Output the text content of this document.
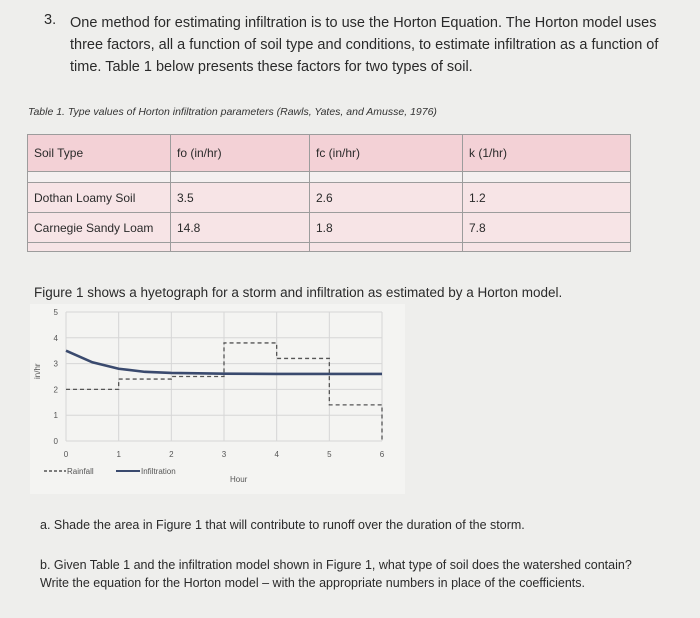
3. One method for estimating infiltration is to use the Horton Equation. The Horton model uses three factors, all a function of soil type and conditions, to estimate infiltration as a function of time. Table 1 below presents these factors for two types of soil.
Table 1. Type values of Horton infiltration parameters (Rawls, Yates, and Amusse, 1976)
Soil Type	fo (in/hr)	fc (in/hr)	k (1/hr)

Dothan Loamy Soil	3.5	2.6	1.2
Carnegie Sandy Loam	14.8	1.8	7.8

Figure 1 shows a hyetograph for a storm and infiltration as estimated by a Horton model.
0
1
2
3
4
5
0	1	2	3	4	5	6
in/hr
Hour
Rainfall	Infiltration
a. Shade the area in Figure 1 that will contribute to runoff over the duration of the storm.
b. Given Table 1 and the infiltration model shown in Figure 1, what type of soil does the watershed contain? Write the equation for the Horton model – with the appropriate numbers in place of the coefficients.
